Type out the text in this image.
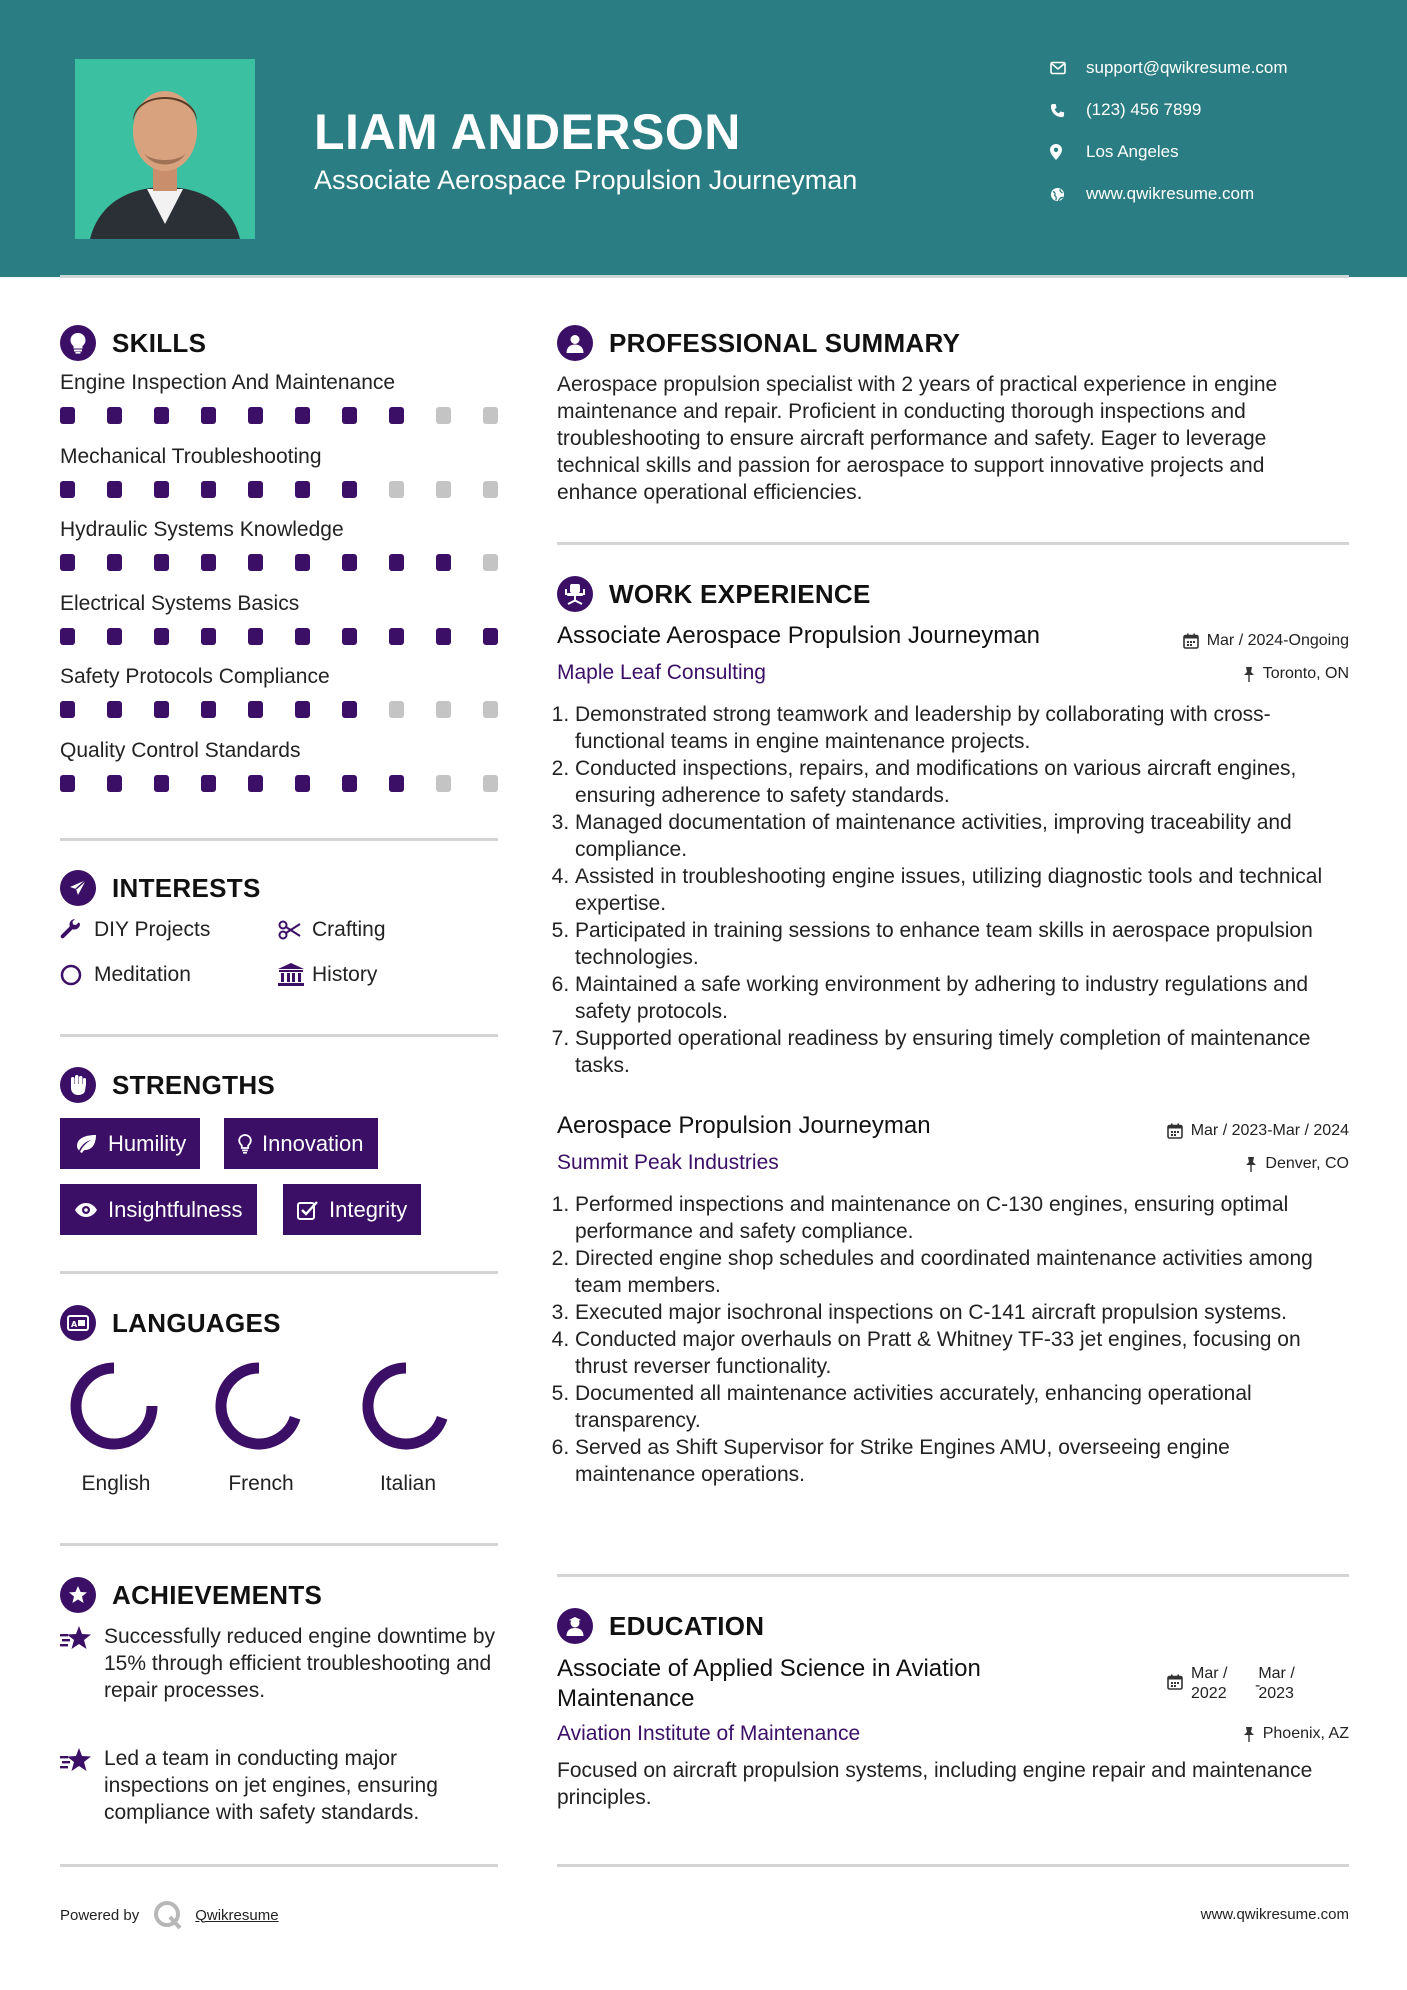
LIAM ANDERSON
Associate Aerospace Propulsion Journeyman
support@qwikresume.com
(123) 456 7899
Los Angeles
www.qwikresume.com
SKILLS
Engine Inspection And Maintenance
Mechanical Troubleshooting
Hydraulic Systems Knowledge
Electrical Systems Basics
Safety Protocols Compliance
Quality Control Standards
INTERESTS
DIY Projects	Crafting
Meditation	History
STRENGTHS
Humility	Innovation
Insightfulness	Integrity
A LANGUAGES
English	French	Italian
ACHIEVEMENTS
Successfully reduced engine downtime by 15% through efficient troubleshooting and repair processes.
Led a team in conducting major inspections on jet engines, ensuring compliance with safety standards.
PROFESSIONAL SUMMARY
Aerospace propulsion specialist with 2 years of practical experience in engine maintenance and repair. Proficient in conducting thorough inspections and troubleshooting to ensure aircraft performance and safety. Eager to leverage technical skills and passion for aerospace to support innovative projects and enhance operational efficiencies.
WORK EXPERIENCE
Associate Aerospace Propulsion Journeyman	Mar / 2024-Ongoing
Maple Leaf Consulting	Toronto, ON
1. Demonstrated strong teamwork and leadership by collaborating with cross-functional teams in engine maintenance projects.
2. Conducted inspections, repairs, and modifications on various aircraft engines, ensuring adherence to safety standards.
3. Managed documentation of maintenance activities, improving traceability and compliance.
4. Assisted in troubleshooting engine issues, utilizing diagnostic tools and technical expertise.
5. Participated in training sessions to enhance team skills in aerospace propulsion technologies.
6. Maintained a safe working environment by adhering to industry regulations and safety protocols.
7. Supported operational readiness by ensuring timely completion of maintenance tasks.
Aerospace Propulsion Journeyman	Mar / 2023-Mar / 2024
Summit Peak Industries	Denver, CO
1. Performed inspections and maintenance on C-130 engines, ensuring optimal performance and safety compliance.
2. Directed engine shop schedules and coordinated maintenance activities among team members.
3. Executed major isochronal inspections on C-141 aircraft propulsion systems.
4. Conducted major overhauls on Pratt & Whitney TF-33 jet engines, focusing on thrust reverser functionality.
5. Documented all maintenance activities accurately, enhancing operational transparency.
6. Served as Shift Supervisor for Strike Engines AMU, overseeing engine maintenance operations.
EDUCATION
Associate of Applied Science in Aviation
Maintenance
Mar /
2022	-
Mar /
2023
Aviation Institute of Maintenance	Phoenix, AZ
Focused on aircraft propulsion systems, including engine repair and maintenance principles.
Powered by	Qwikresume	www.qwikresume.com
